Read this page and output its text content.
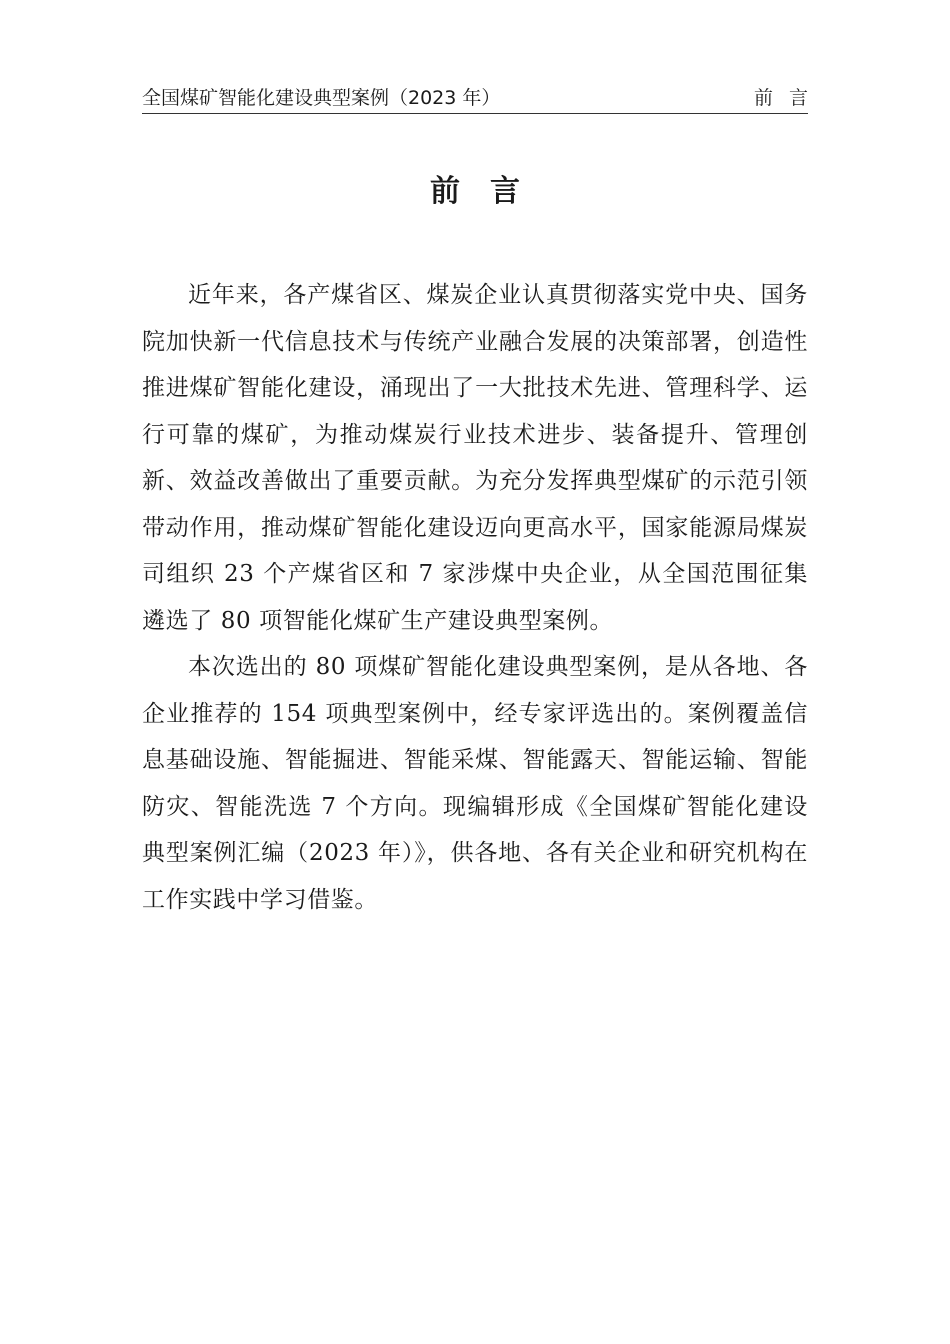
全国煤矿智能化建设典型案例（2023 年）	前言
前言

近年来，各产煤省区、煤炭企业认真贯彻落实党中央、国务院加快新一代信息技术与传统产业融合发展的决策部署，创造性推进煤矿智能化建设，涌现出了一大批技术先进、管理科学、运行可靠的煤矿，为推动煤炭行业技术进步、装备提升、管理创新、效益改善做出了重要贡献。为充分发挥典型煤矿的示范引领带动作用，推动煤矿智能化建设迈向更高水平，国家能源局煤炭司组织 23 个产煤省区和 7 家涉煤中央企业，从全国范围征集遴选了 80 项智能化煤矿生产建设典型案例。

本次选出的 80 项煤矿智能化建设典型案例，是从各地、各企业推荐的 154 项典型案例中，经专家评选出的。案例覆盖信息基础设施、智能掘进、智能采煤、智能露天、智能运输、智能防灾、智能洗选 7 个方向。现编辑形成《全国煤矿智能化建设典型案例汇编（2023 年）》，供各地、各有关企业和研究机构在工作实践中学习借鉴。
